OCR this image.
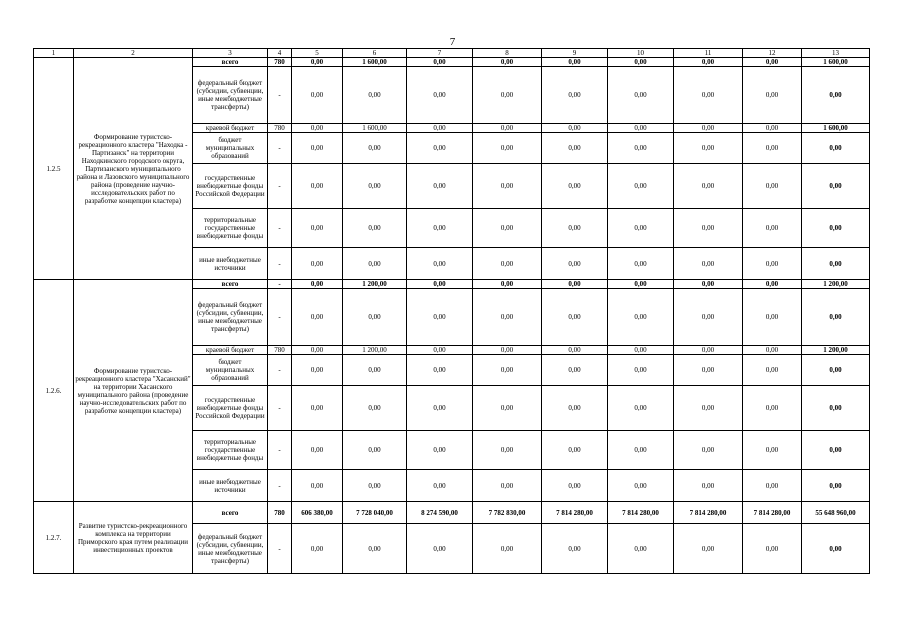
7
1	2	3	4	5	6	7	8	9	10	11	12	13
1.2.5	Формирование туристско-рекреационного кластера "Находка - Партизанск" на территории Находкинского городского округа, Партизанского муниципального района и Лазовского муниципального района (проведение научно-исследовательских работ по разработке концепции кластера)	всего	780	0,00	1 600,00	0,00	0,00	0,00	0,00	0,00	0,00	1 600,00
		федеральный бюджет (субсидии, субвенции, иные межбюджетные трансферты)	-	0,00	0,00	0,00	0,00	0,00	0,00	0,00	0,00	0,00
		краевой бюджет	780	0,00	1 600,00	0,00	0,00	0,00	0,00	0,00	0,00	1 600,00
		бюджет муниципальных образований	-	0,00	0,00	0,00	0,00	0,00	0,00	0,00	0,00	0,00
		государственные внебюджетные фонды Российской Федерации	-	0,00	0,00	0,00	0,00	0,00	0,00	0,00	0,00	0,00
		территориальные государственные внебюджетные фонды	-	0,00	0,00	0,00	0,00	0,00	0,00	0,00	0,00	0,00
		иные внебюджетные источники	-	0,00	0,00	0,00	0,00	0,00	0,00	0,00	0,00	0,00
1.2.6.	Формирование туристско-рекреационного кластера "Хасанский" на территории Хасанского муниципального района (проведение научно-исследовательских работ по разработке концепции кластера)	всего	-	0,00	1 200,00	0,00	0,00	0,00	0,00	0,00	0,00	1 200,00
		федеральный бюджет (субсидии, субвенции, иные межбюджетные трансферты)	-	0,00	0,00	0,00	0,00	0,00	0,00	0,00	0,00	0,00
		краевой бюджет	780	0,00	1 200,00	0,00	0,00	0,00	0,00	0,00	0,00	1 200,00
		бюджет муниципальных образований	-	0,00	0,00	0,00	0,00	0,00	0,00	0,00	0,00	0,00
		государственные внебюджетные фонды Российской Федерации	-	0,00	0,00	0,00	0,00	0,00	0,00	0,00	0,00	0,00
		территориальные государственные внебюджетные фонды	-	0,00	0,00	0,00	0,00	0,00	0,00	0,00	0,00	0,00
		иные внебюджетные источники	-	0,00	0,00	0,00	0,00	0,00	0,00	0,00	0,00	0,00
1.2.7.	Развитие туристско-рекреационного комплекса на территории Приморского края путем реализации инвестиционных проектов	всего	780	606 380,00	7 728 040,00	8 274 590,00	7 782 830,00	7 814 280,00	7 814 280,00	7 814 280,00	7 814 280,00	55 648 960,00
		федеральный бюджет (субсидии, субвенции, иные межбюджетные трансферты)	-	0,00	0,00	0,00	0,00	0,00	0,00	0,00	0,00	0,00
